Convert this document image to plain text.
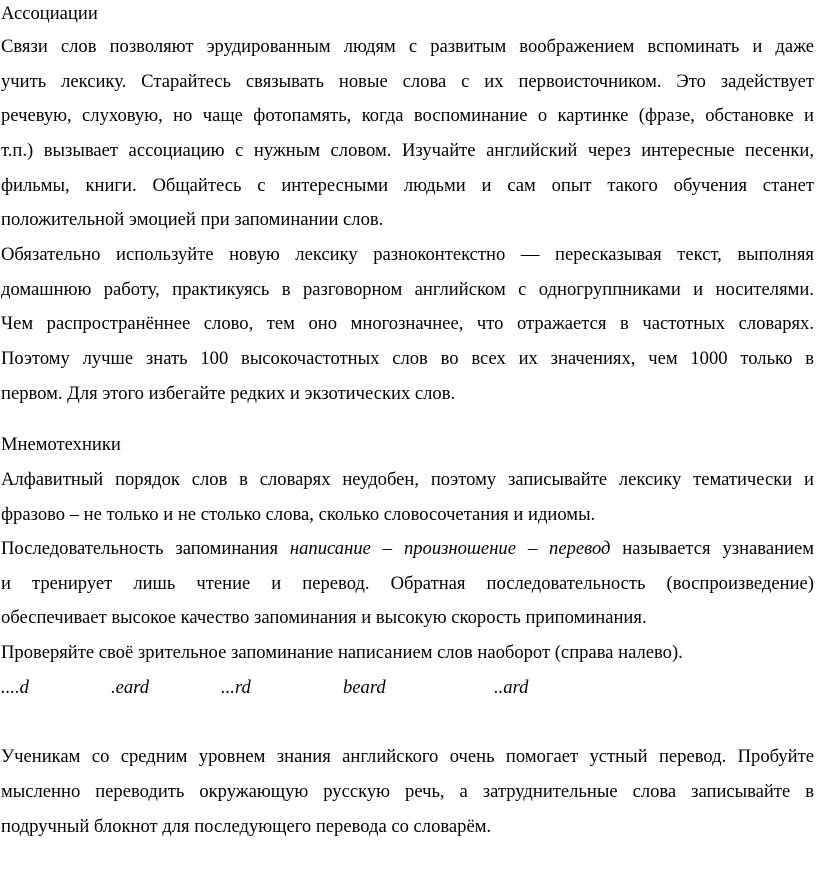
Ассоциации
Связи слов позволяют эрудированным людям с развитым воображением вспоминать и даже
учить лексику. Старайтесь связывать новые слова с их первоисточником. Это задействует
речевую, слуховую, но чаще фотопамять, когда воспоминание о картинке (фразе, обстановке и
т.п.) вызывает ассоциацию с нужным словом. Изучайте английский через интересные песенки,
фильмы, книги. Общайтесь с интересными людьми и сам опыт такого обучения станет
положительной эмоцией при запоминании слов.
Обязательно используйте новую лексику разноконтекстно — пересказывая текст, выполняя
домашнюю работу, практикуясь в разговорном английском с одногруппниками и носителями.
Чем распространённее слово, тем оно многозначнее, что отражается в частотных словарях.
Поэтому лучше знать 100 высокочастотных слов во всех их значениях, чем 1000 только в
первом. Для этого избегайте редких и экзотических слов.
Мнемотехники
Алфавитный порядок слов в словарях неудобен, поэтому записывайте лексику тематически и
фразово – не только и не столько слова, сколько словосочетания и идиомы.
Последовательность запоминания написание – произношение – перевод называется узнаванием
и тренирует лишь чтение и перевод. Обратная последовательность (воспроизведение)
обеспечивает высокое качество запоминания и высокую скорость припоминания.
Проверяйте своё зрительное запоминание написанием слов наоборот (справа налево).
....d	.eard	...rd	beard	..ard
Ученикам со средним уровнем знания английского очень помогает устный перевод. Пробуйте
мысленно переводить окружающую русскую речь, а затруднительные слова записывайте в
подручный блокнот для последующего перевода со словарём.
